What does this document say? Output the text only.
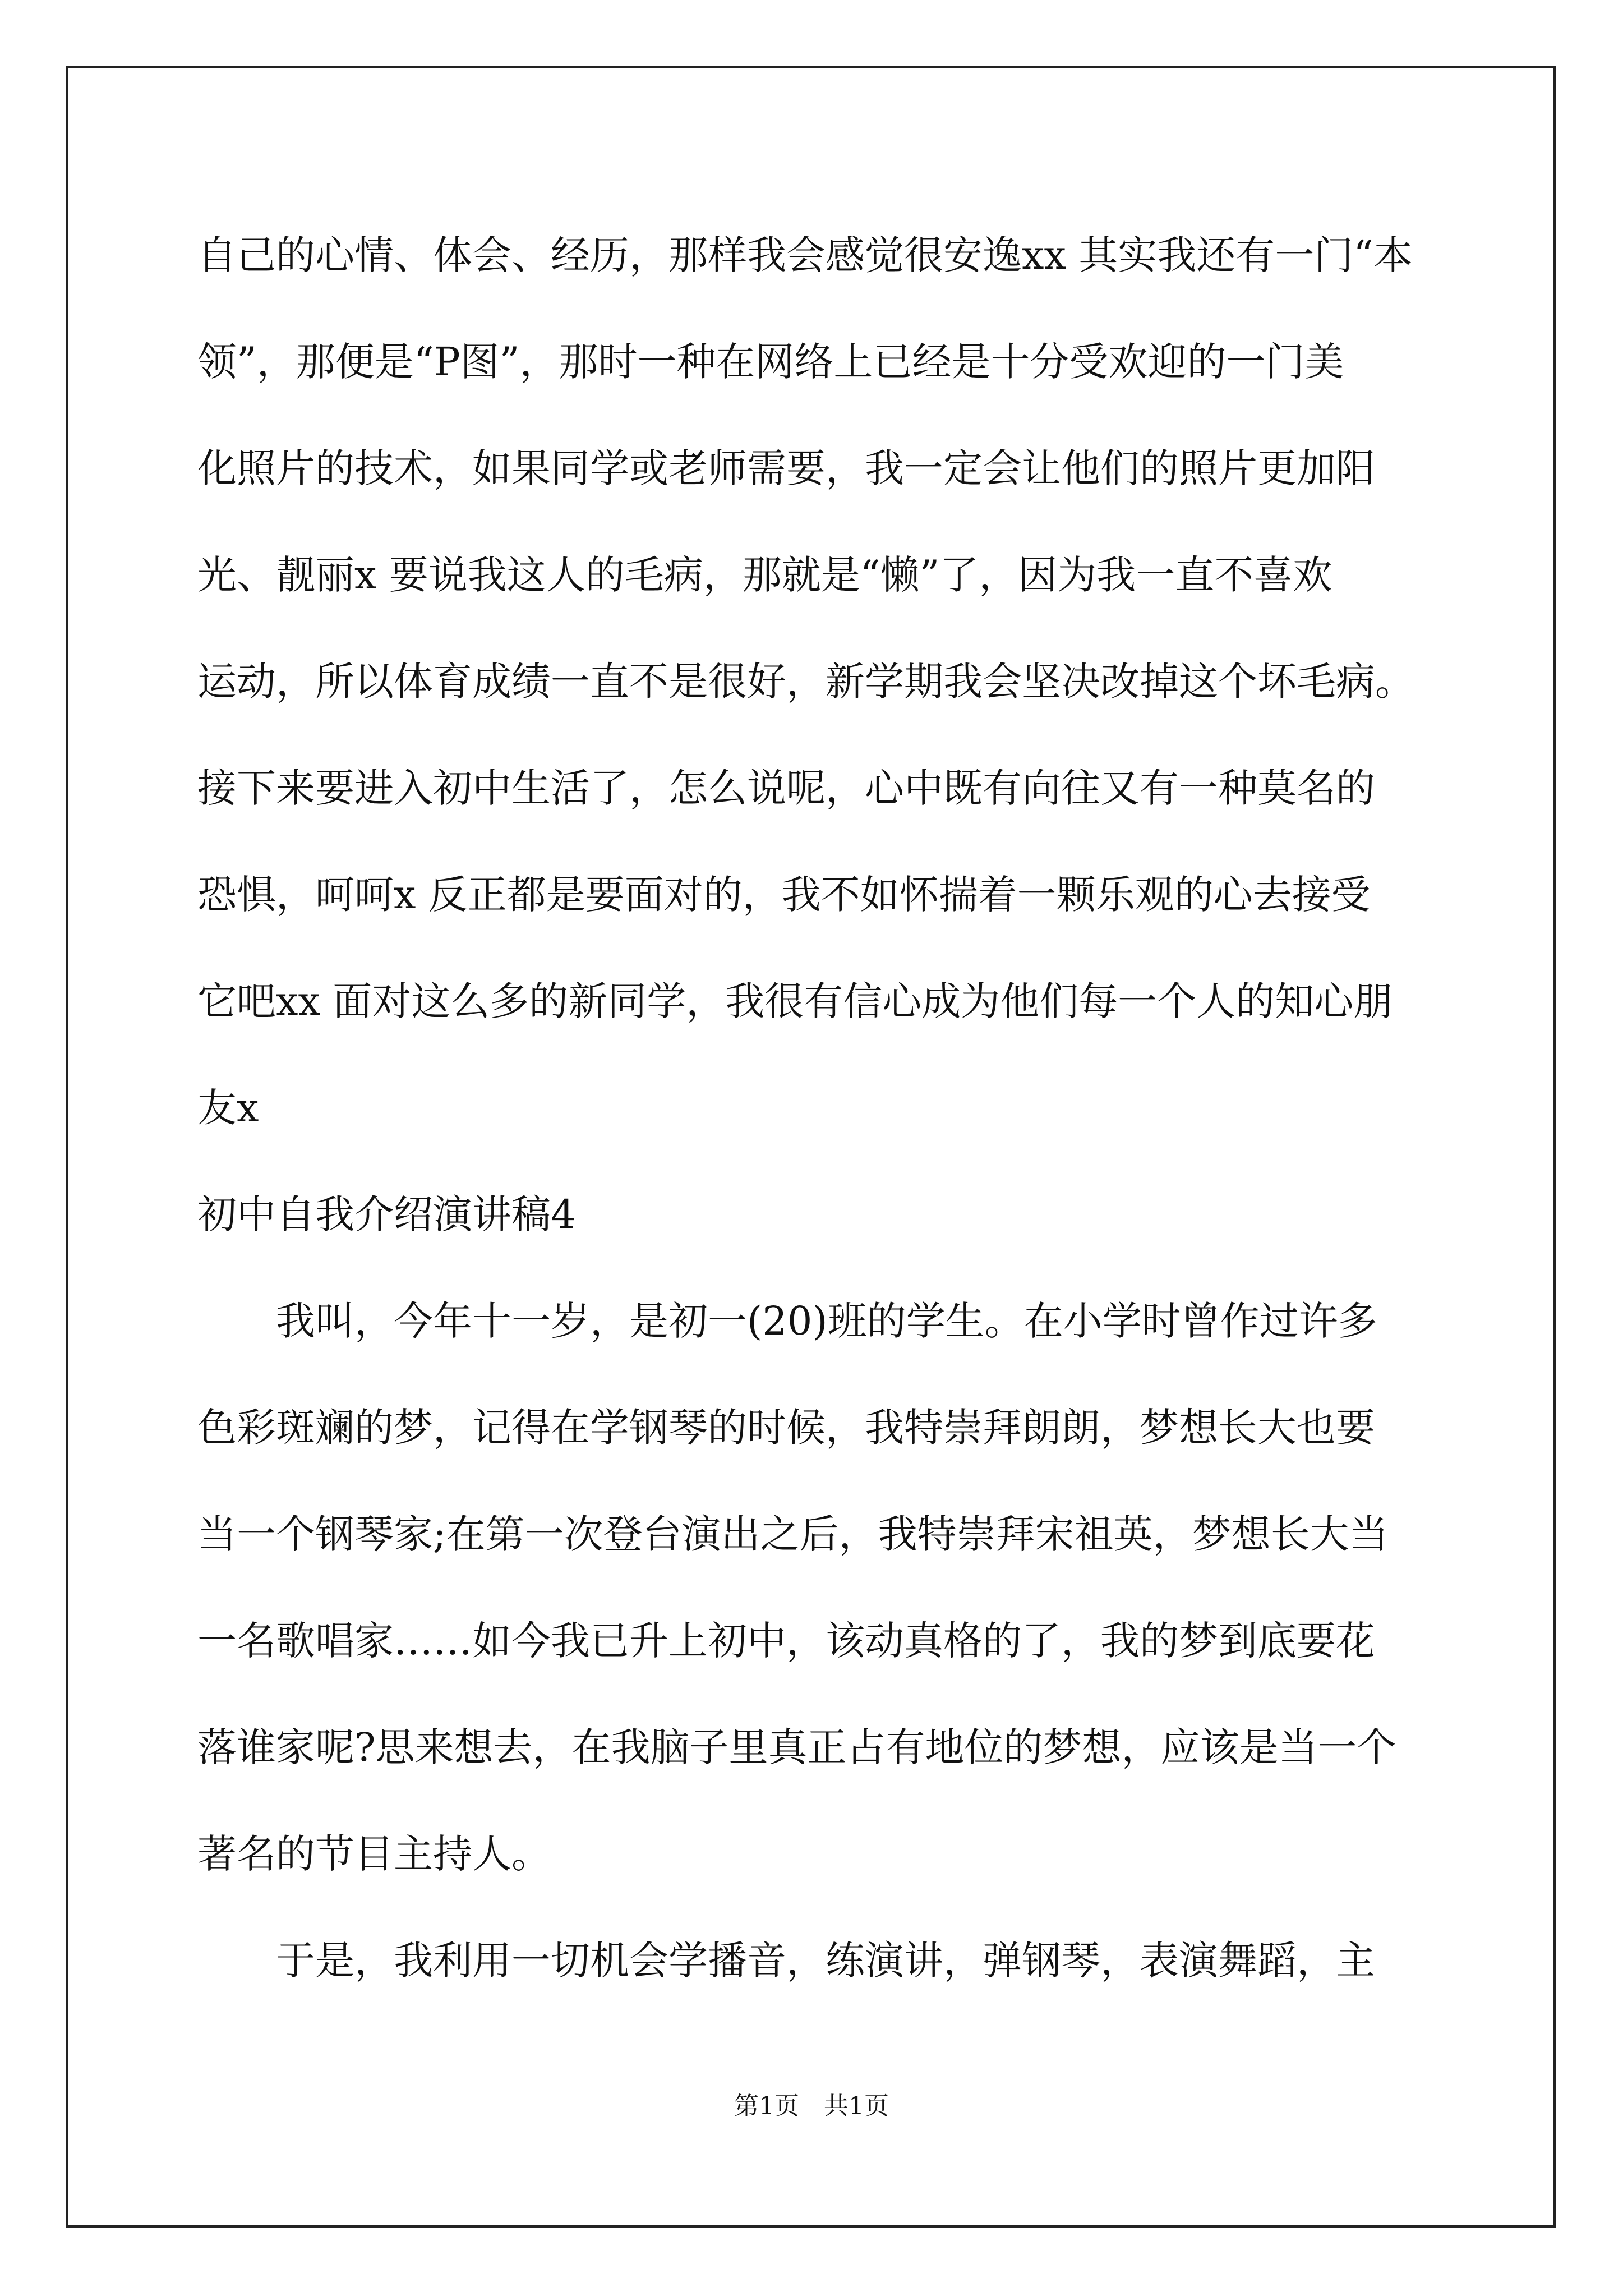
自己的心情、体会、经历，那样我会感觉很安逸xx 其实我还有一门“本
领”，那便是“P图”，那时一种在网络上已经是十分受欢迎的一门美
化照片的技术，如果同学或老师需要，我一定会让他们的照片更加阳
光、靓丽x 要说我这人的毛病，那就是“懒”了，因为我一直不喜欢
运动，所以体育成绩一直不是很好，新学期我会坚决改掉这个坏毛病。
接下来要进入初中生活了，怎么说呢，心中既有向往又有一种莫名的
恐惧，呵呵x 反正都是要面对的，我不如怀揣着一颗乐观的心去接受
它吧xx 面对这么多的新同学，我很有信心成为他们每一个人的知心朋
友x
初中自我介绍演讲稿4
我叫，今年十一岁，是初一(20)班的学生。在小学时曾作过许多
色彩斑斓的梦，记得在学钢琴的时候，我特崇拜朗朗，梦想长大也要
当一个钢琴家;在第一次登台演出之后，我特崇拜宋祖英，梦想长大当
一名歌唱家……如今我已升上初中，该动真格的了，我的梦到底要花
落谁家呢?思来想去，在我脑子里真正占有地位的梦想，应该是当一个
著名的节目主持人。
于是，我利用一切机会学播音，练演讲，弹钢琴，表演舞蹈，主
第1页　共1页
